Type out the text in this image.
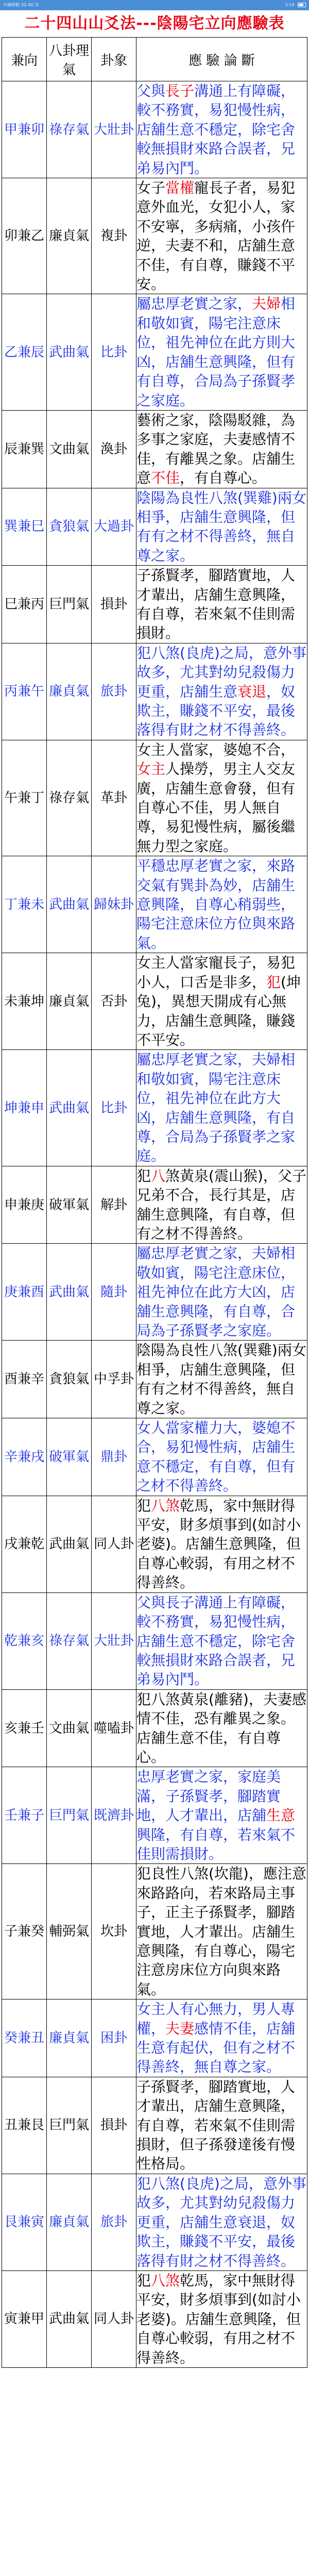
中國移動 2G 4G ☰	3:19
二十四山山爻法---陰陽宅立向應驗表
兼向	八卦理氣	卦象	應 驗 論 斷
甲兼卯	祿存氣	大壯卦	父與長子溝通上有障礙，較不務實，易犯慢性病，店舖生意不穩定，除宅舍較無損財來路合誤者，兄弟易內鬥。
卯兼乙	廉貞氣	複卦	女子當權寵長子者，易犯意外血光，女犯小人，家不安寧，多病痛，小孩仵逆，夫妻不和，店舖生意不佳，有自尊，賺錢不平安。
乙兼辰	武曲氣	比卦	屬忠厚老實之家，夫婦相和敬如賓，陽宅注意床位，祖先神位在此方則大凶，店舖生意興隆，但有有自尊，合局為子孫賢孝之家庭。
辰兼巽	文曲氣	渙卦	藝術之家，陰陽駁雜，為多事之家庭，夫妻感情不佳，有離異之象。店舖生意不佳，有自尊心。
巽兼巳	貪狼氣	大過卦	陰陽為良性八煞(巽雞)兩女相爭，店舖生意興隆，但有有之材不得善終，無自尊之家。
巳兼丙	巨門氣	損卦	子孫賢孝，腳踏實地，人才輩出，店舖生意興隆，有自尊，若來氣不佳則需損財。
丙兼午	廉貞氣	旅卦	犯八煞(良虎)之局，意外事故多，尤其對幼兒殺傷力更重，店舖生意衰退，奴欺主，賺錢不平安，最後落得有財之材不得善終。
午兼丁	祿存氣	革卦	女主人當家，婆媳不合，女主人操勞，男主人交友廣，店舖生意會發，但有自尊心不佳，男人無自尊，易犯慢性病，屬後繼無力型之家庭。
丁兼未	武曲氣	歸妹卦	平穩忠厚老實之家，來路交氣有巽卦為妙，店舖生意興隆，自尊心稍弱些，陽宅注意床位方位與來路氣。
未兼坤	廉貞氣	否卦	女主人當家寵長子，易犯小人，口舌是非多，犯(坤兔)，異想天開成有心無力，店舖生意興隆，賺錢不平安。
坤兼申	武曲氣	比卦	屬忠厚老實之家，夫婦相和敬如賓，陽宅注意床位，祖先神位在此方大凶，店舖生意興隆，有自尊，合局為子孫賢孝之家庭。
申兼庚	破軍氣	解卦	犯八煞黃泉(震山猴)，父子兄弟不合，長行其是，店舖生意興隆，有自尊，但有之材不得善終。
庚兼酉	武曲氣	隨卦	屬忠厚老實之家，夫婦相敬如賓，陽宅注意床位，祖先神位在此方大凶，店舖生意興隆，有自尊，合局為子孫賢孝之家庭。
酉兼辛	貪狼氣	中孚卦	陰陽為良性八煞(巽雞)兩女相爭，店舖生意興隆，但有有之材不得善終，無自尊之家。
辛兼戌	破軍氣	鼎卦	女人當家權力大，婆媳不合，易犯慢性病，店舖生意不穩定，有自尊，但有之材不得善終。
戌兼乾	武曲氣	同人卦	犯八煞乾馬，家中無財得平安，財多煩事到(如討小老婆)。店舖生意興隆，但自尊心較弱，有用之材不得善終。
乾兼亥	祿存氣	大壯卦	父與長子溝通上有障礙，較不務實，易犯慢性病，店舖生意不穩定，除宅舍較無損財來路合誤者，兄弟易內鬥。
亥兼壬	文曲氣	噬嗑卦	犯八煞黃泉(離豬)，夫妻感情不佳，恐有離異之象。店舖生意不佳，有自尊心。
壬兼子	巨門氣	既濟卦	忠厚老實之家，家庭美滿，子孫賢孝，腳踏實地，人才輩出，店舖生意興隆，有自尊，若來氣不佳則需損財。
子兼癸	輔弼氣	坎卦	犯良性八煞(坎龍)，應注意來路路向，若來路局主事子，正主子孫賢孝，腳踏實地，人才輩出。店舖生意興隆，有自尊心，陽宅注意房床位方向與來路氣。
癸兼丑	廉貞氣	困卦	女主人有心無力，男人專權，夫妻感情不佳，店舖生意有起伏，但有之材不得善終，無自尊之家。
丑兼艮	巨門氣	損卦	子孫賢孝，腳踏實地，人才輩出，店舖生意興隆，有自尊，若來氣不佳則需損財，但子孫發達後有慢性格局。
艮兼寅	廉貞氣	旅卦	犯八煞(良虎)之局，意外事故多，尤其對幼兒殺傷力更重，店舖生意衰退，奴欺主，賺錢不平安，最後落得有財之材不得善終。
寅兼甲	武曲氣	同人卦	犯八煞乾馬，家中無財得平安，財多煩事到(如討小老婆)。店舖生意興隆，但自尊心較弱，有用之材不得善終。
